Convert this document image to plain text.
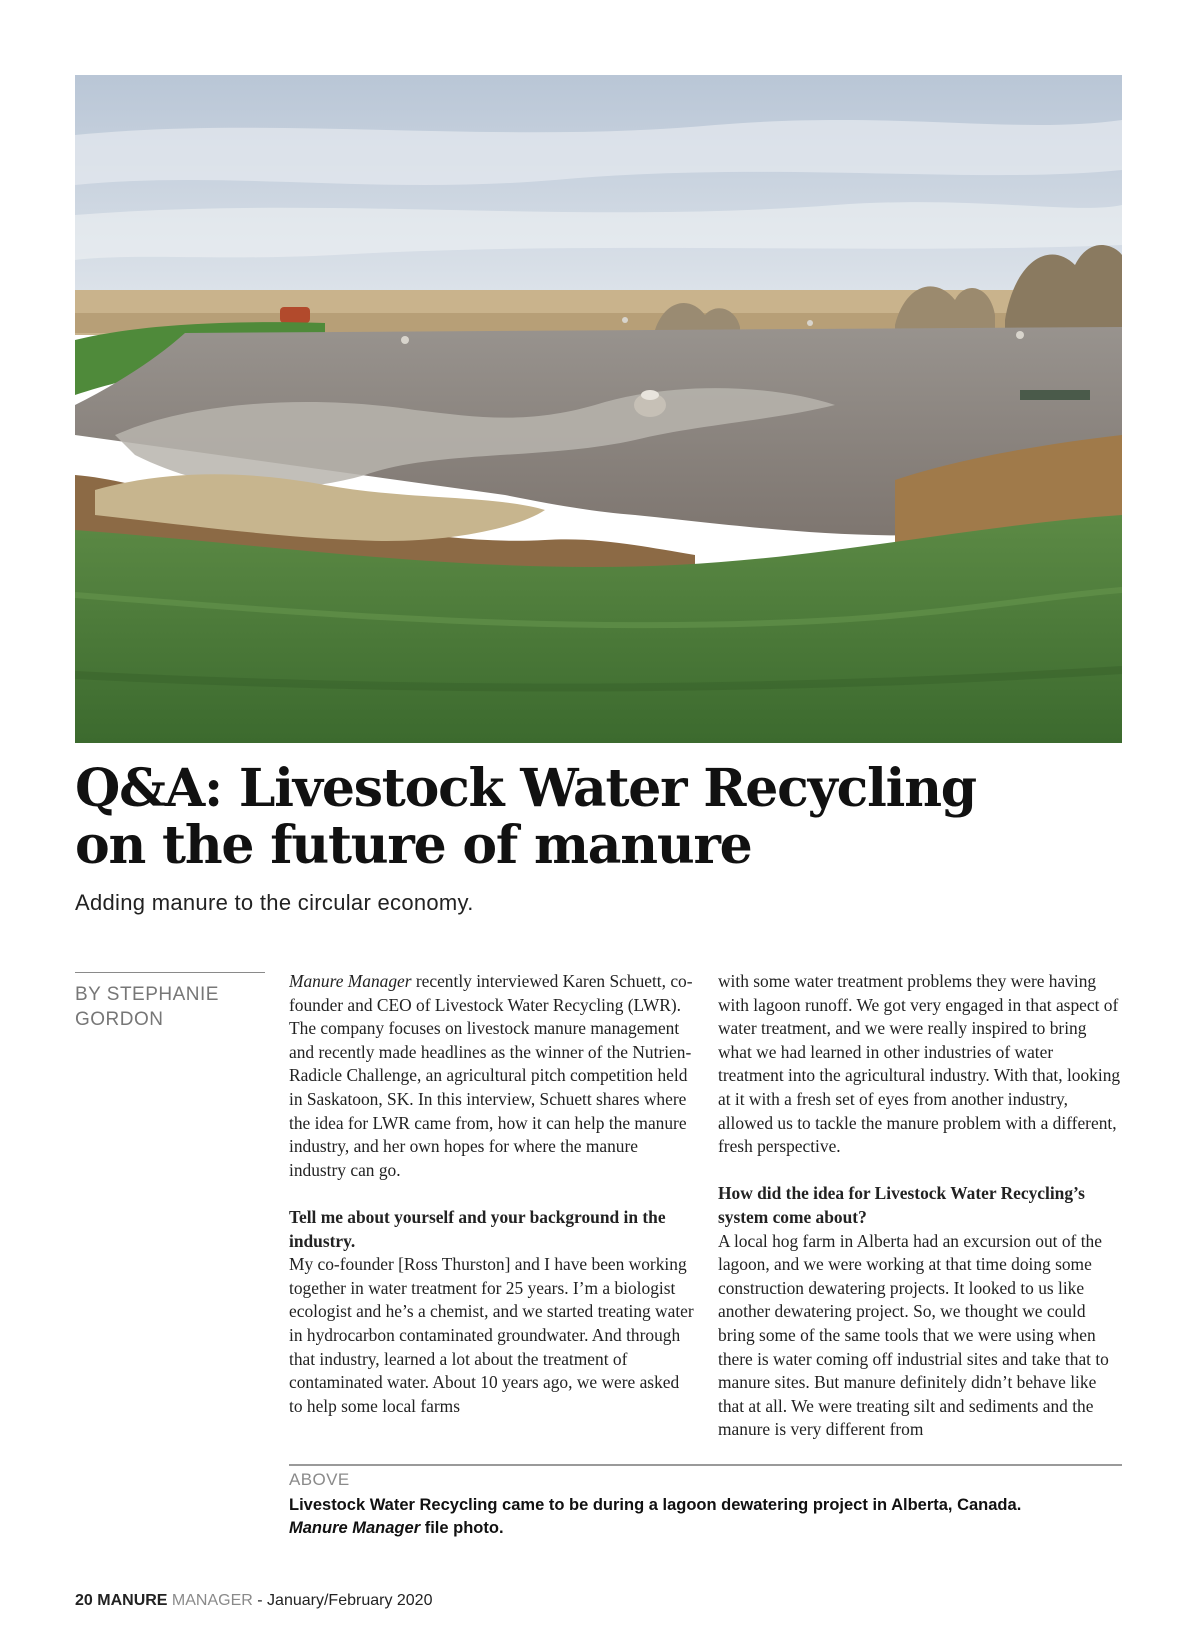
Q&A: Livestock Water Recycling
on the future of manure

Adding manure to the circular economy.

BY STEPHANIE GORDON

Manure Manager recently interviewed Karen Schuett, co-founder and CEO of Livestock Water Recycling (LWR). The company focuses on livestock manure management and recently made headlines as the winner of the Nutrien-Radicle Challenge, an agricultural pitch competition held in Saskatoon, SK. In this interview, Schuett shares where the idea for LWR came from, how it can help the manure industry, and her own hopes for where the manure industry can go.

Tell me about yourself and your background in the industry.

My co-founder [Ross Thurston] and I have been working together in water treatment for 25 years. I’m a biologist ecologist and he’s a chemist, and we started treating water in hydrocarbon contaminated groundwater. And through that industry, learned a lot about the treatment of contaminated water. About 10 years ago, we were asked to help some local farms

with some water treatment problems they were having with lagoon runoff. We got very engaged in that aspect of water treatment, and we were really inspired to bring what we had learned in other industries of water treatment into the agricultural industry. With that, looking at it with a fresh set of eyes from another industry, allowed us to tackle the manure problem with a different, fresh perspective.

How did the idea for Livestock Water Recycling’s system come about?

A local hog farm in Alberta had an excursion out of the lagoon, and we were working at that time doing some construction dewatering projects. It looked to us like another dewatering project. So, we thought we could bring some of the same tools that we were using when there is water coming off industrial sites and take that to manure sites. But manure definitely didn’t behave like that at all. We were treating silt and sediments and the manure is very different from

ABOVE

Livestock Water Recycling came to be during a lagoon dewatering project in Alberta, Canada.
Manure Manager file photo.

20 MANURE MANAGER - January/February 2020
